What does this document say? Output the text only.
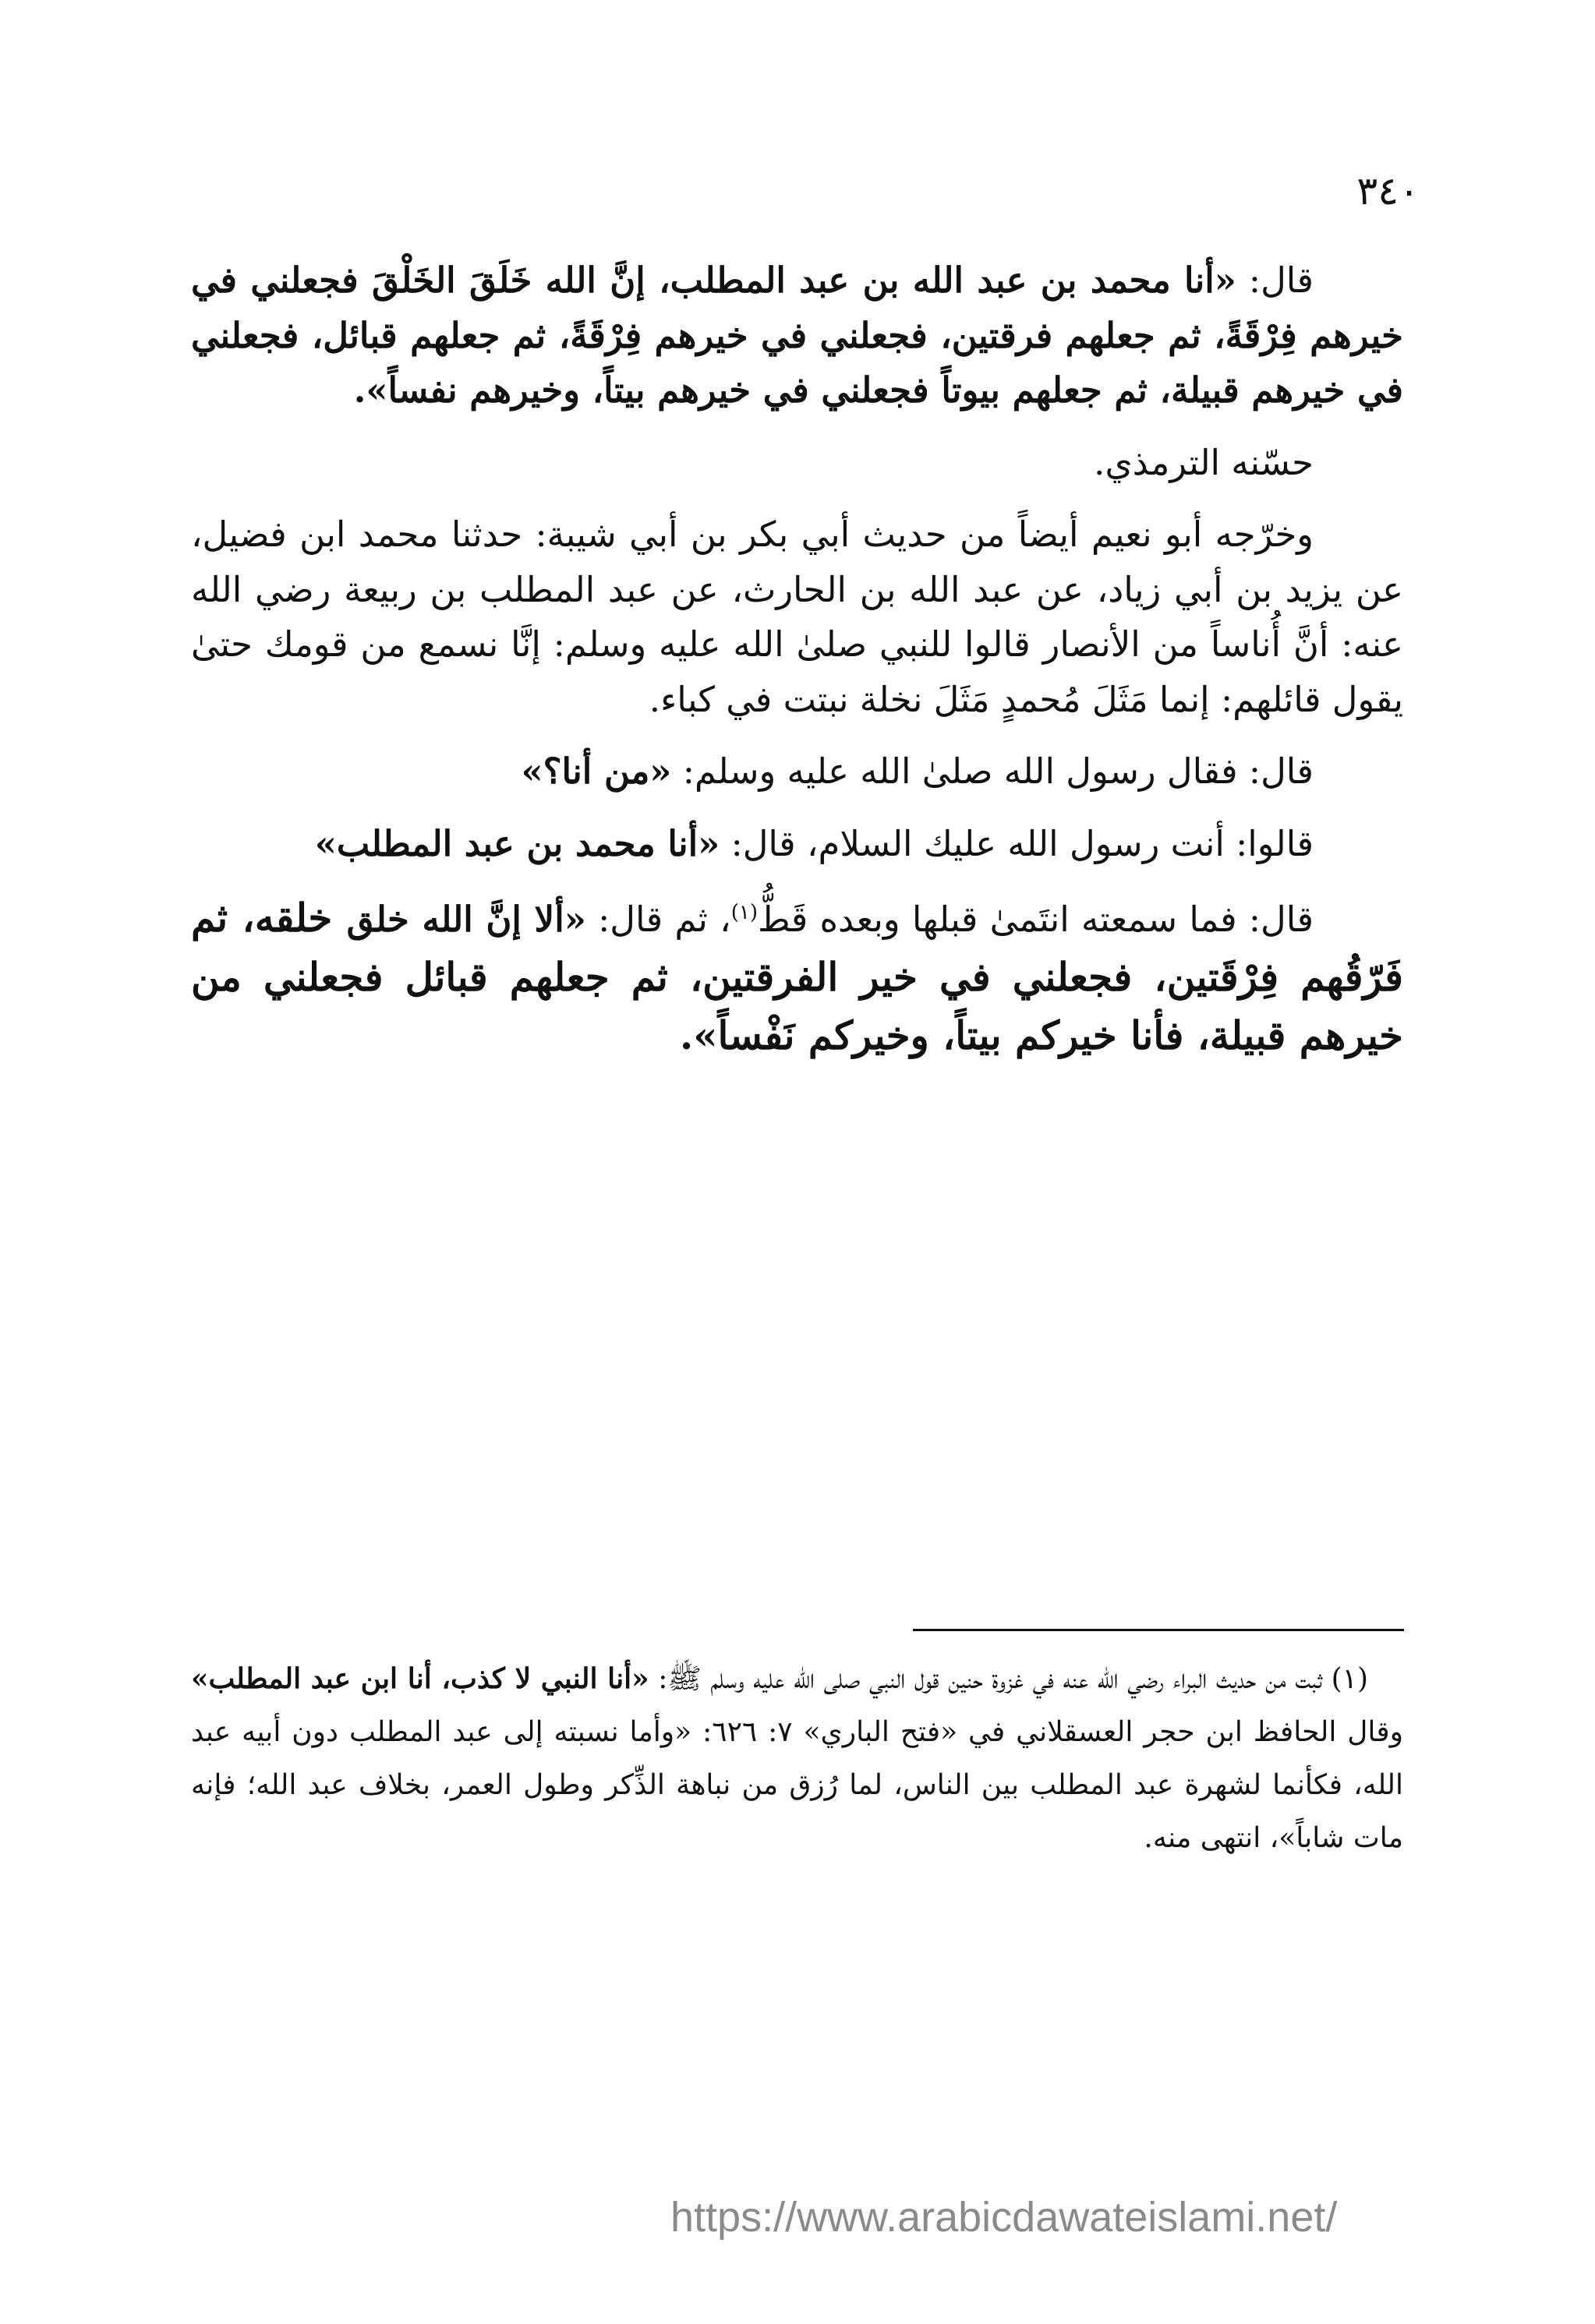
٣٤٠

قال: «أنا محمد بن عبد الله بن عبد المطلب، إنَّ الله خَلَقَ الخَلْقَ فجعلني في خيرهم فِرْقَةً، ثم جعلهم فرقتين، فجعلني في خيرهم فِرْقَةً، ثم جعلهم قبائل، فجعلني في خيرهم قبيلة، ثم جعلهم بيوتاً فجعلني في خيرهم بيتاً، وخيرهم نفساً».

حسّنه الترمذي.

وخرّجه أبو نعيم أيضاً من حديث أبي بكر بن أبي شيبة: حدثنا محمد ابن فضيل، عن يزيد بن أبي زياد، عن عبد الله بن الحارث، عن عبد المطلب بن ربيعة رضي الله عنه: أنَّ أُناساً من الأنصار قالوا للنبي صلىٰ الله عليه وسلم: إنَّا نسمع من قومك حتىٰ يقول قائلهم: إنما مَثَلَ مُحمدٍ مَثَلَ نخلة نبتت في كباء.

قال: فقال رسول الله صلىٰ الله عليه وسلم: «من أنا؟»

قالوا: أنت رسول الله عليك السلام، قال: «أنا محمد بن عبد المطلب»

قال: فما سمعته انتَمىٰ قبلها وبعده قَطُّ$^{(١)}$، ثم قال: «ألا إنَّ الله خلق خلقه، ثم فَرّقُهم فِرْقَتين، فجعلني في خير الفرقتين، ثم جعلهم قبائل فجعلني من خيرهم قبيلة، فأنا خيركم بيتاً، وخيركم نَفْساً».

(١) ثبت من حديث البراء رضي الله عنه في غزوة حنين قول النبي صلى الله عليه وسلم ﷺ: «أنا النبي لا كذب، أنا ابن عبد المطلب» وقال الحافظ ابن حجر العسقلاني في «فتح الباري» ٧: ٦٢٦: «وأما نسبته إلى عبد المطلب دون أبيه عبد الله، فكأنما لشهرة عبد المطلب بين الناس، لما رُزق من نباهة الذِّكر وطول العمر، بخلاف عبد الله؛ فإنه مات شاباً»، انتهى منه.

https://www.arabicdawateislami.net/
